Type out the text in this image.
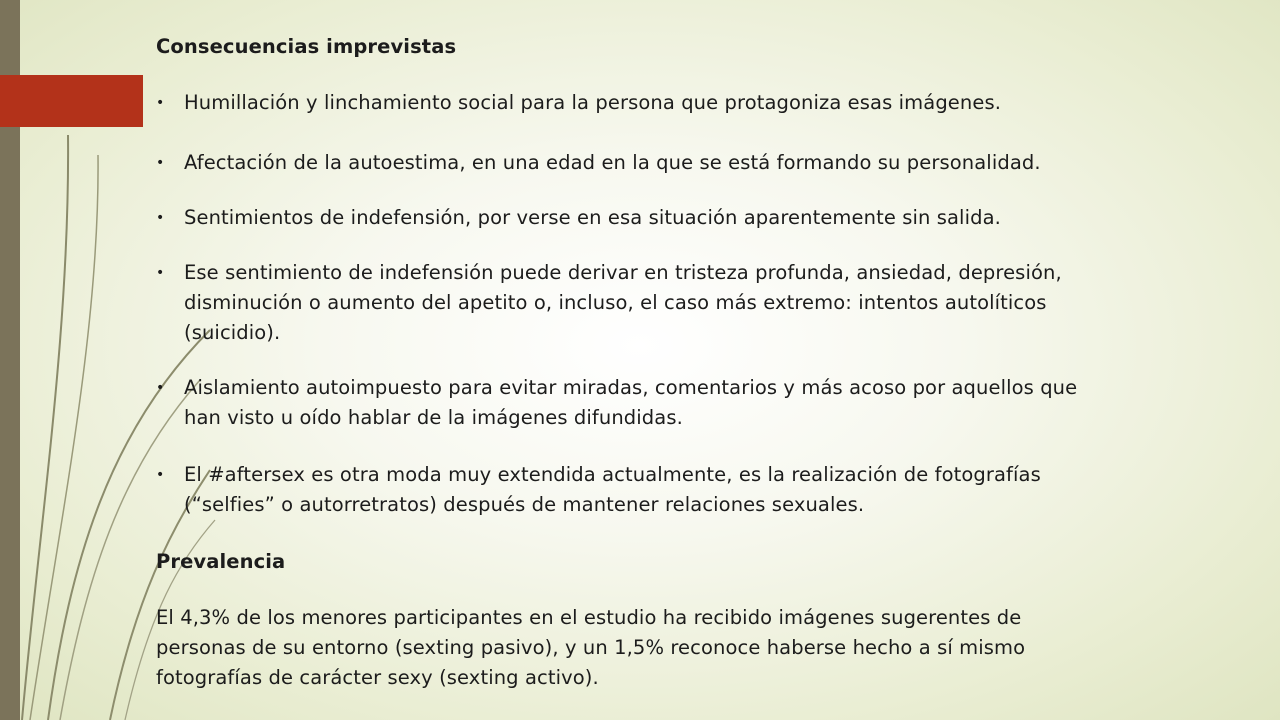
Consecuencias imprevistas
• Humillación y linchamiento social para la persona que protagoniza esas imágenes.
• Afectación de la autoestima, en una edad en la que se está formando su personalidad.
• Sentimientos de indefensión, por verse en esa situación aparentemente sin salida.
• Ese sentimiento de indefensión puede derivar en tristeza profunda, ansiedad, depresión,
disminución o aumento del apetito o, incluso, el caso más extremo: intentos autolíticos
(suicidio).
• Aislamiento autoimpuesto para evitar miradas, comentarios y más acoso por aquellos que
han visto u oído hablar de la imágenes difundidas.
• El #aftersex es otra moda muy extendida actualmente, es la realización de fotografías
(“selfies” o autorretratos) después de mantener relaciones sexuales.
Prevalencia
El 4,3% de los menores participantes en el estudio ha recibido imágenes sugerentes de
personas de su entorno (sexting pasivo), y un 1,5% reconoce haberse hecho a sí mismo
fotografías de carácter sexy (sexting activo).
